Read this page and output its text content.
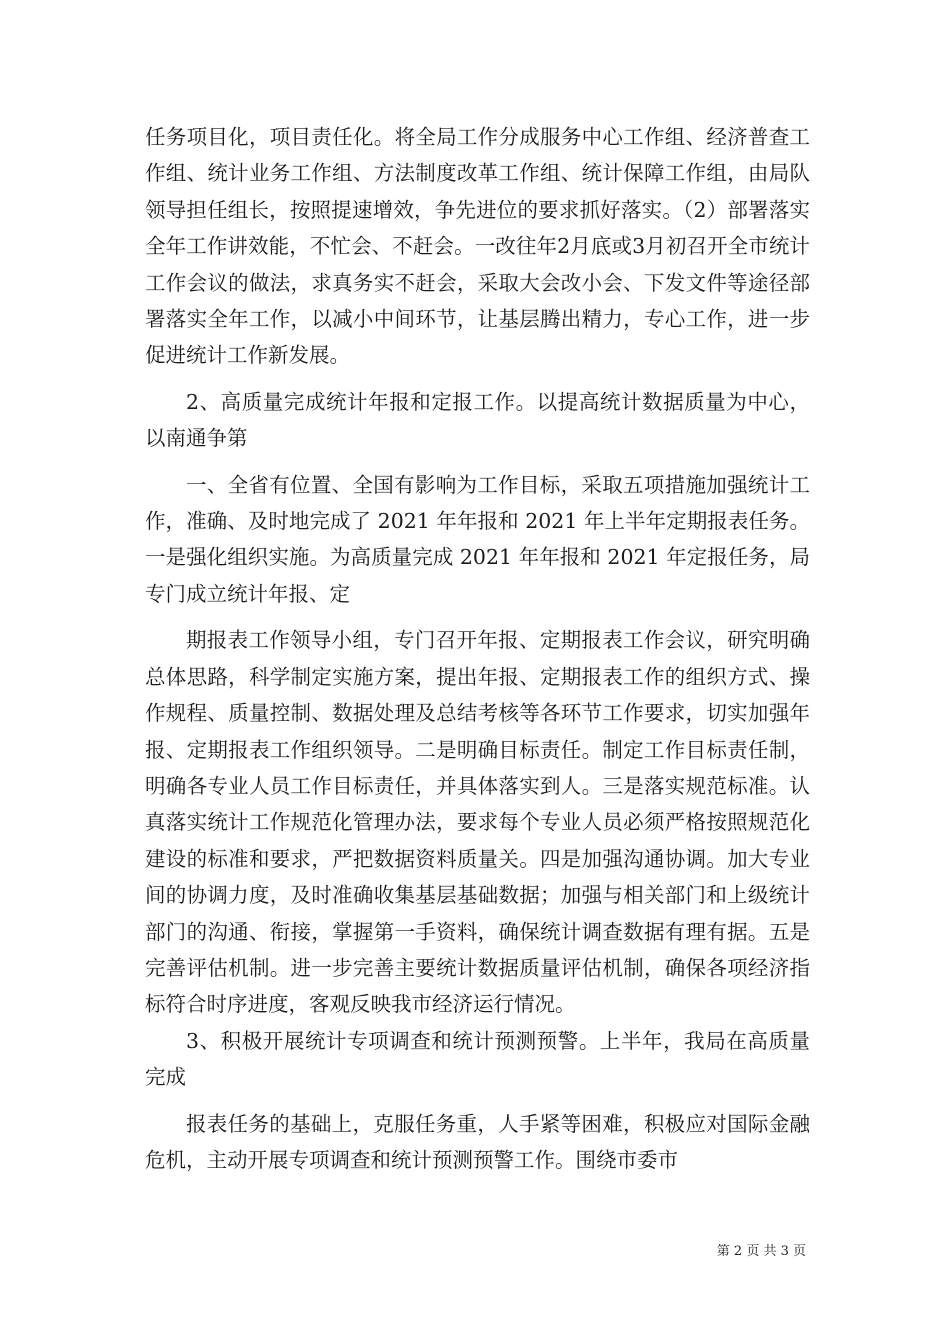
任务项目化，项目责任化。将全局工作分成服务中心工作组、经济普查工作组、统计业务工作组、方法制度改革工作组、统计保障工作组，由局队领导担任组长，按照提速增效，争先进位的要求抓好落实。（2）部署落实全年工作讲效能，不忙会、不赶会。一改往年2月底或3月初召开全市统计工作会议的做法，求真务实不赶会，采取大会改小会、下发文件等途径部署落实全年工作，以减小中间环节，让基层腾出精力，专心工作，进一步促进统计工作新发展。

2、高质量完成统计年报和定报工作。以提高统计数据质量为中心，以南通争第

一、全省有位置、全国有影响为工作目标，采取五项措施加强统计工作，准确、及时地完成了 2021 年年报和 2021 年上半年定期报表任务。一是强化组织实施。为高质量完成 2021 年年报和 2021 年定报任务，局专门成立统计年报、定

期报表工作领导小组，专门召开年报、定期报表工作会议，研究明确总体思路，科学制定实施方案，提出年报、定期报表工作的组织方式、操作规程、质量控制、数据处理及总结考核等各环节工作要求，切实加强年报、定期报表工作组织领导。二是明确目标责任。制定工作目标责任制，明确各专业人员工作目标责任，并具体落实到人。三是落实规范标准。认真落实统计工作规范化管理办法，要求每个专业人员必须严格按照规范化建设的标准和要求，严把数据资料质量关。四是加强沟通协调。加大专业间的协调力度，及时准确收集基层基础数据；加强与相关部门和上级统计部门的沟通、衔接，掌握第一手资料，确保统计调查数据有理有据。五是完善评估机制。进一步完善主要统计数据质量评估机制，确保各项经济指标符合时序进度，客观反映我市经济运行情况。

3、积极开展统计专项调查和统计预测预警。上半年，我局在高质量完成

报表任务的基础上，克服任务重，人手紧等困难，积极应对国际金融危机，主动开展专项调查和统计预测预警工作。围绕市委市

第 2 页 共 3 页
